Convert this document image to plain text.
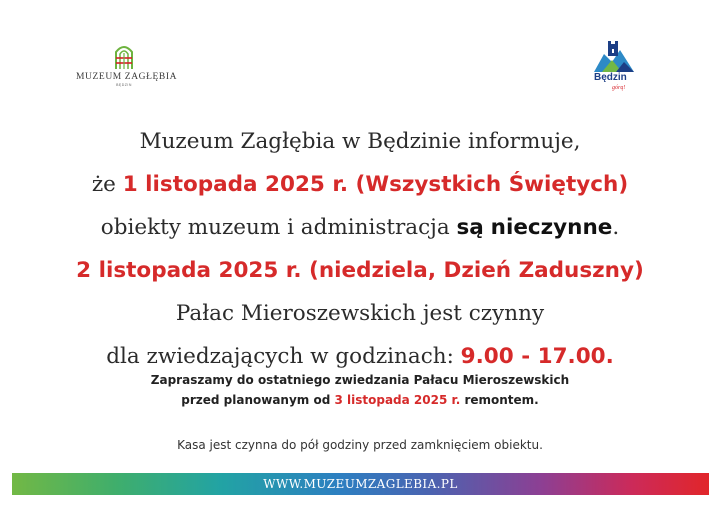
MUZEUM ZAGŁĘBIA
BĘDZIN
Będzin
górą!
Muzeum Zagłębia w Będzinie informuje,
że 1 listopada 2025 r. (Wszystkich Świętych)
obiekty muzeum i administracja są nieczynne.
2 listopada 2025 r. (niedziela, Dzień Zaduszny)
Pałac Mieroszewskich jest czynny
dla zwiedzających w godzinach: 9.00 - 17.00.
Zapraszamy do ostatniego zwiedzania Pałacu Mieroszewskich
przed planowanym od 3 listopada 2025 r. remontem.
Kasa jest czynna do pół godziny przed zamknięciem obiektu.
WWW.MUZEUMZAGLEBIA.PL
